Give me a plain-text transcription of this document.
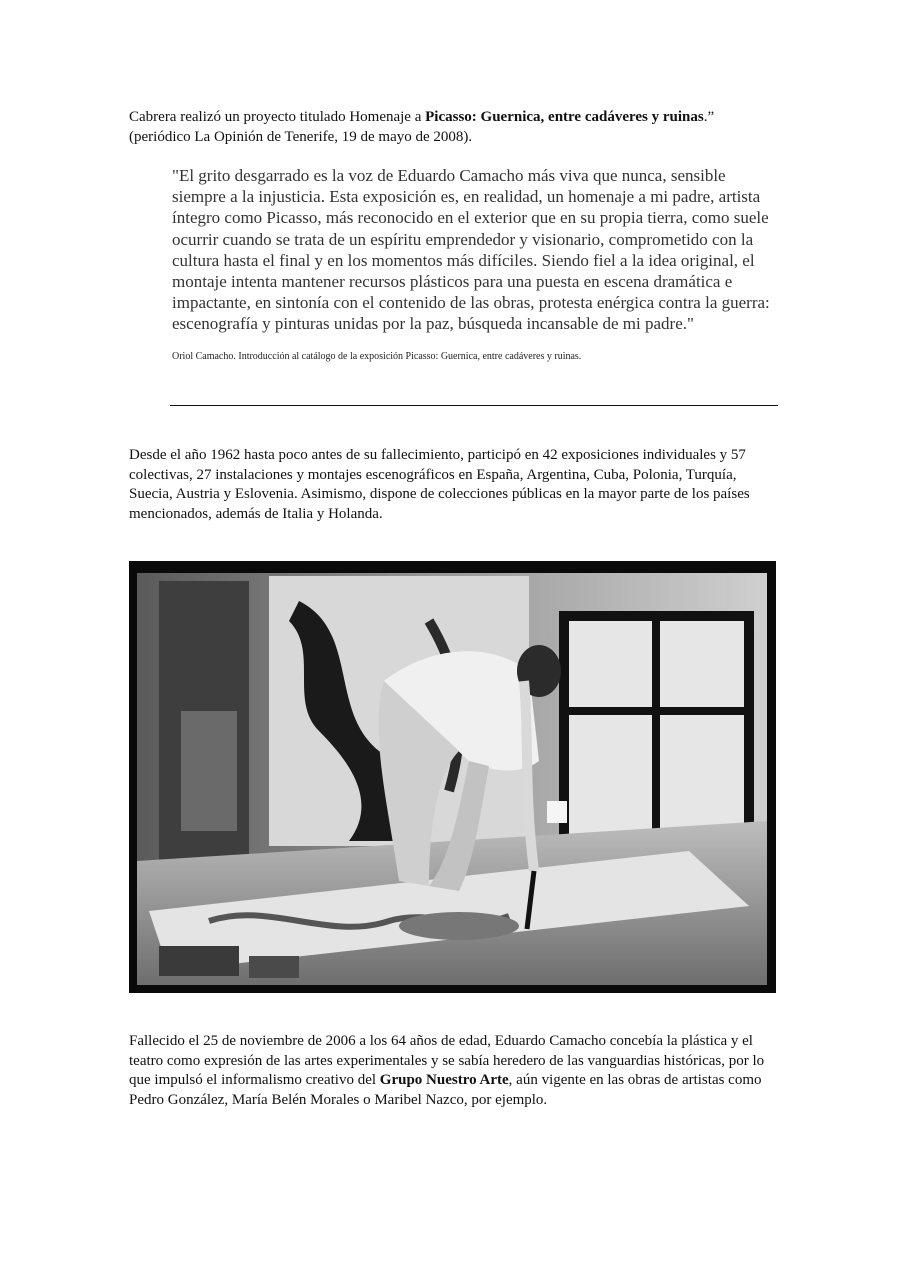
Cabrera realizó un proyecto titulado Homenaje a Picasso: Guernica, entre cadáveres y ruinas.” (periódico La Opinión de Tenerife, 19 de mayo de 2008).

"El grito desgarrado es la voz de Eduardo Camacho más viva que nunca, sensible siempre a la injusticia. Esta exposición es, en realidad, un homenaje a mi padre, artista íntegro como Picasso, más reconocido en el exterior que en su propia tierra, como suele ocurrir cuando se trata de un espíritu emprendedor y visionario, comprometido con la cultura hasta el final y en los momentos más difíciles. Siendo fiel a la idea original, el montaje intenta mantener recursos plásticos para una puesta en escena dramática e impactante, en sintonía con el contenido de las obras, protesta enérgica contra la guerra: escenografía y pinturas unidas por la paz, búsqueda incansable de mi padre."

Oriol Camacho. Introducción al catálogo de la exposición Picasso: Guernica, entre cadáveres y ruinas.

Desde el año 1962 hasta poco antes de su fallecimiento, participó en 42 exposiciones individuales y 57 colectivas, 27 instalaciones y montajes escenográficos en España, Argentina, Cuba, Polonia, Turquía, Suecia, Austria y Eslovenia. Asimismo, dispone de colecciones públicas en la mayor parte de los países mencionados, además de Italia y Holanda.

Fallecido el 25 de noviembre de 2006 a los 64 años de edad, Eduardo Camacho concebía la plástica y el teatro como expresión de las artes experimentales y se sabía heredero de las vanguardias históricas, por lo que impulsó el informalismo creativo del Grupo Nuestro Arte, aún vigente en las obras de artistas como Pedro González, María Belén Morales o Maribel Nazco, por ejemplo.
